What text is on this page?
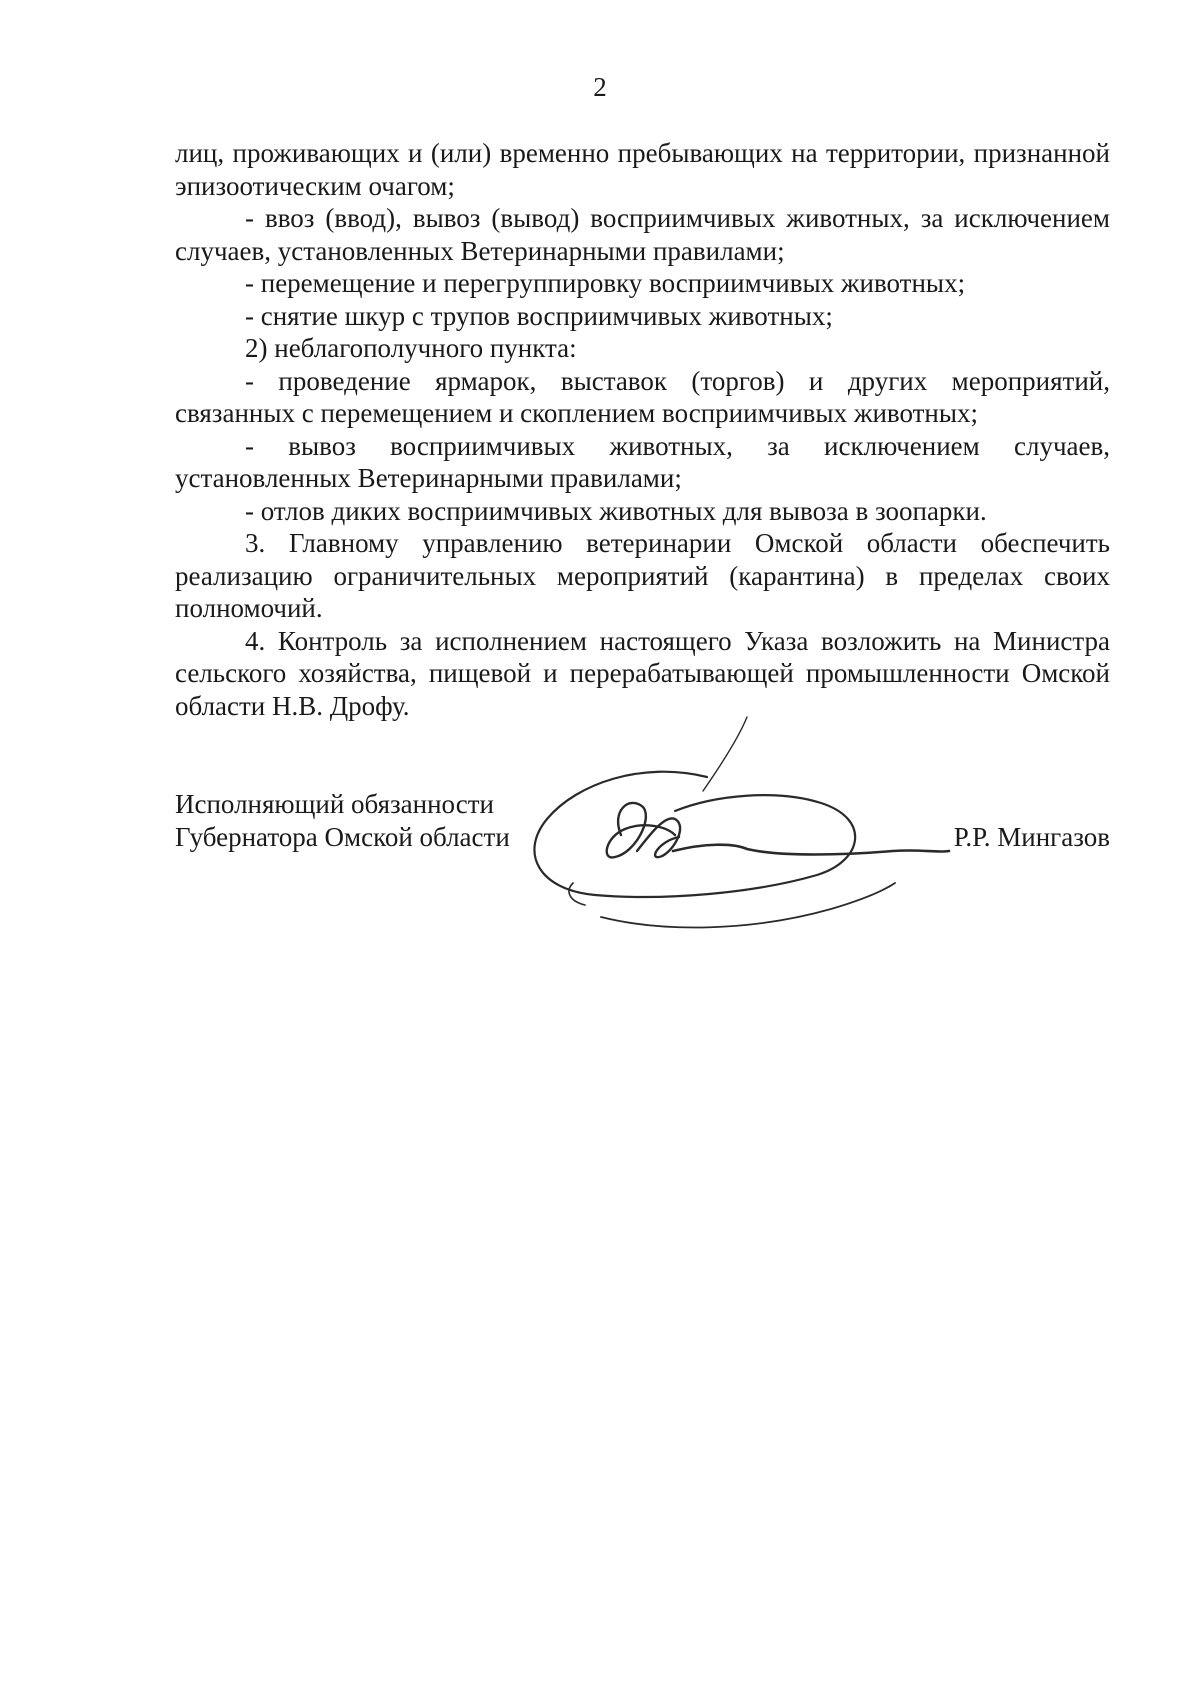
2

лиц, проживающих и (или) временно пребывающих на территории, признанной эпизоотическим очагом;

- ввоз (ввод), вывоз (вывод) восприимчивых животных, за исключением случаев, установленных Ветеринарными правилами;

- перемещение и перегруппировку восприимчивых животных;

- снятие шкур с трупов восприимчивых животных;

2) неблагополучного пункта:

- проведение ярмарок, выставок (торгов) и других мероприятий, связанных с перемещением и скоплением восприимчивых животных;

- вывоз восприимчивых животных, за исключением случаев, установленных Ветеринарными правилами;

- отлов диких восприимчивых животных для вывоза в зоопарки.

3. Главному управлению ветеринарии Омской области обеспечить реализацию ограничительных мероприятий (карантина) в пределах своих полномочий.

4. Контроль за исполнением настоящего Указа возложить на Министра сельского хозяйства, пищевой и перерабатывающей промышленности Омской области Н.В. Дрофу.

Исполняющий обязанности
Губернатора Омской области	Р.Р. Мингазов
